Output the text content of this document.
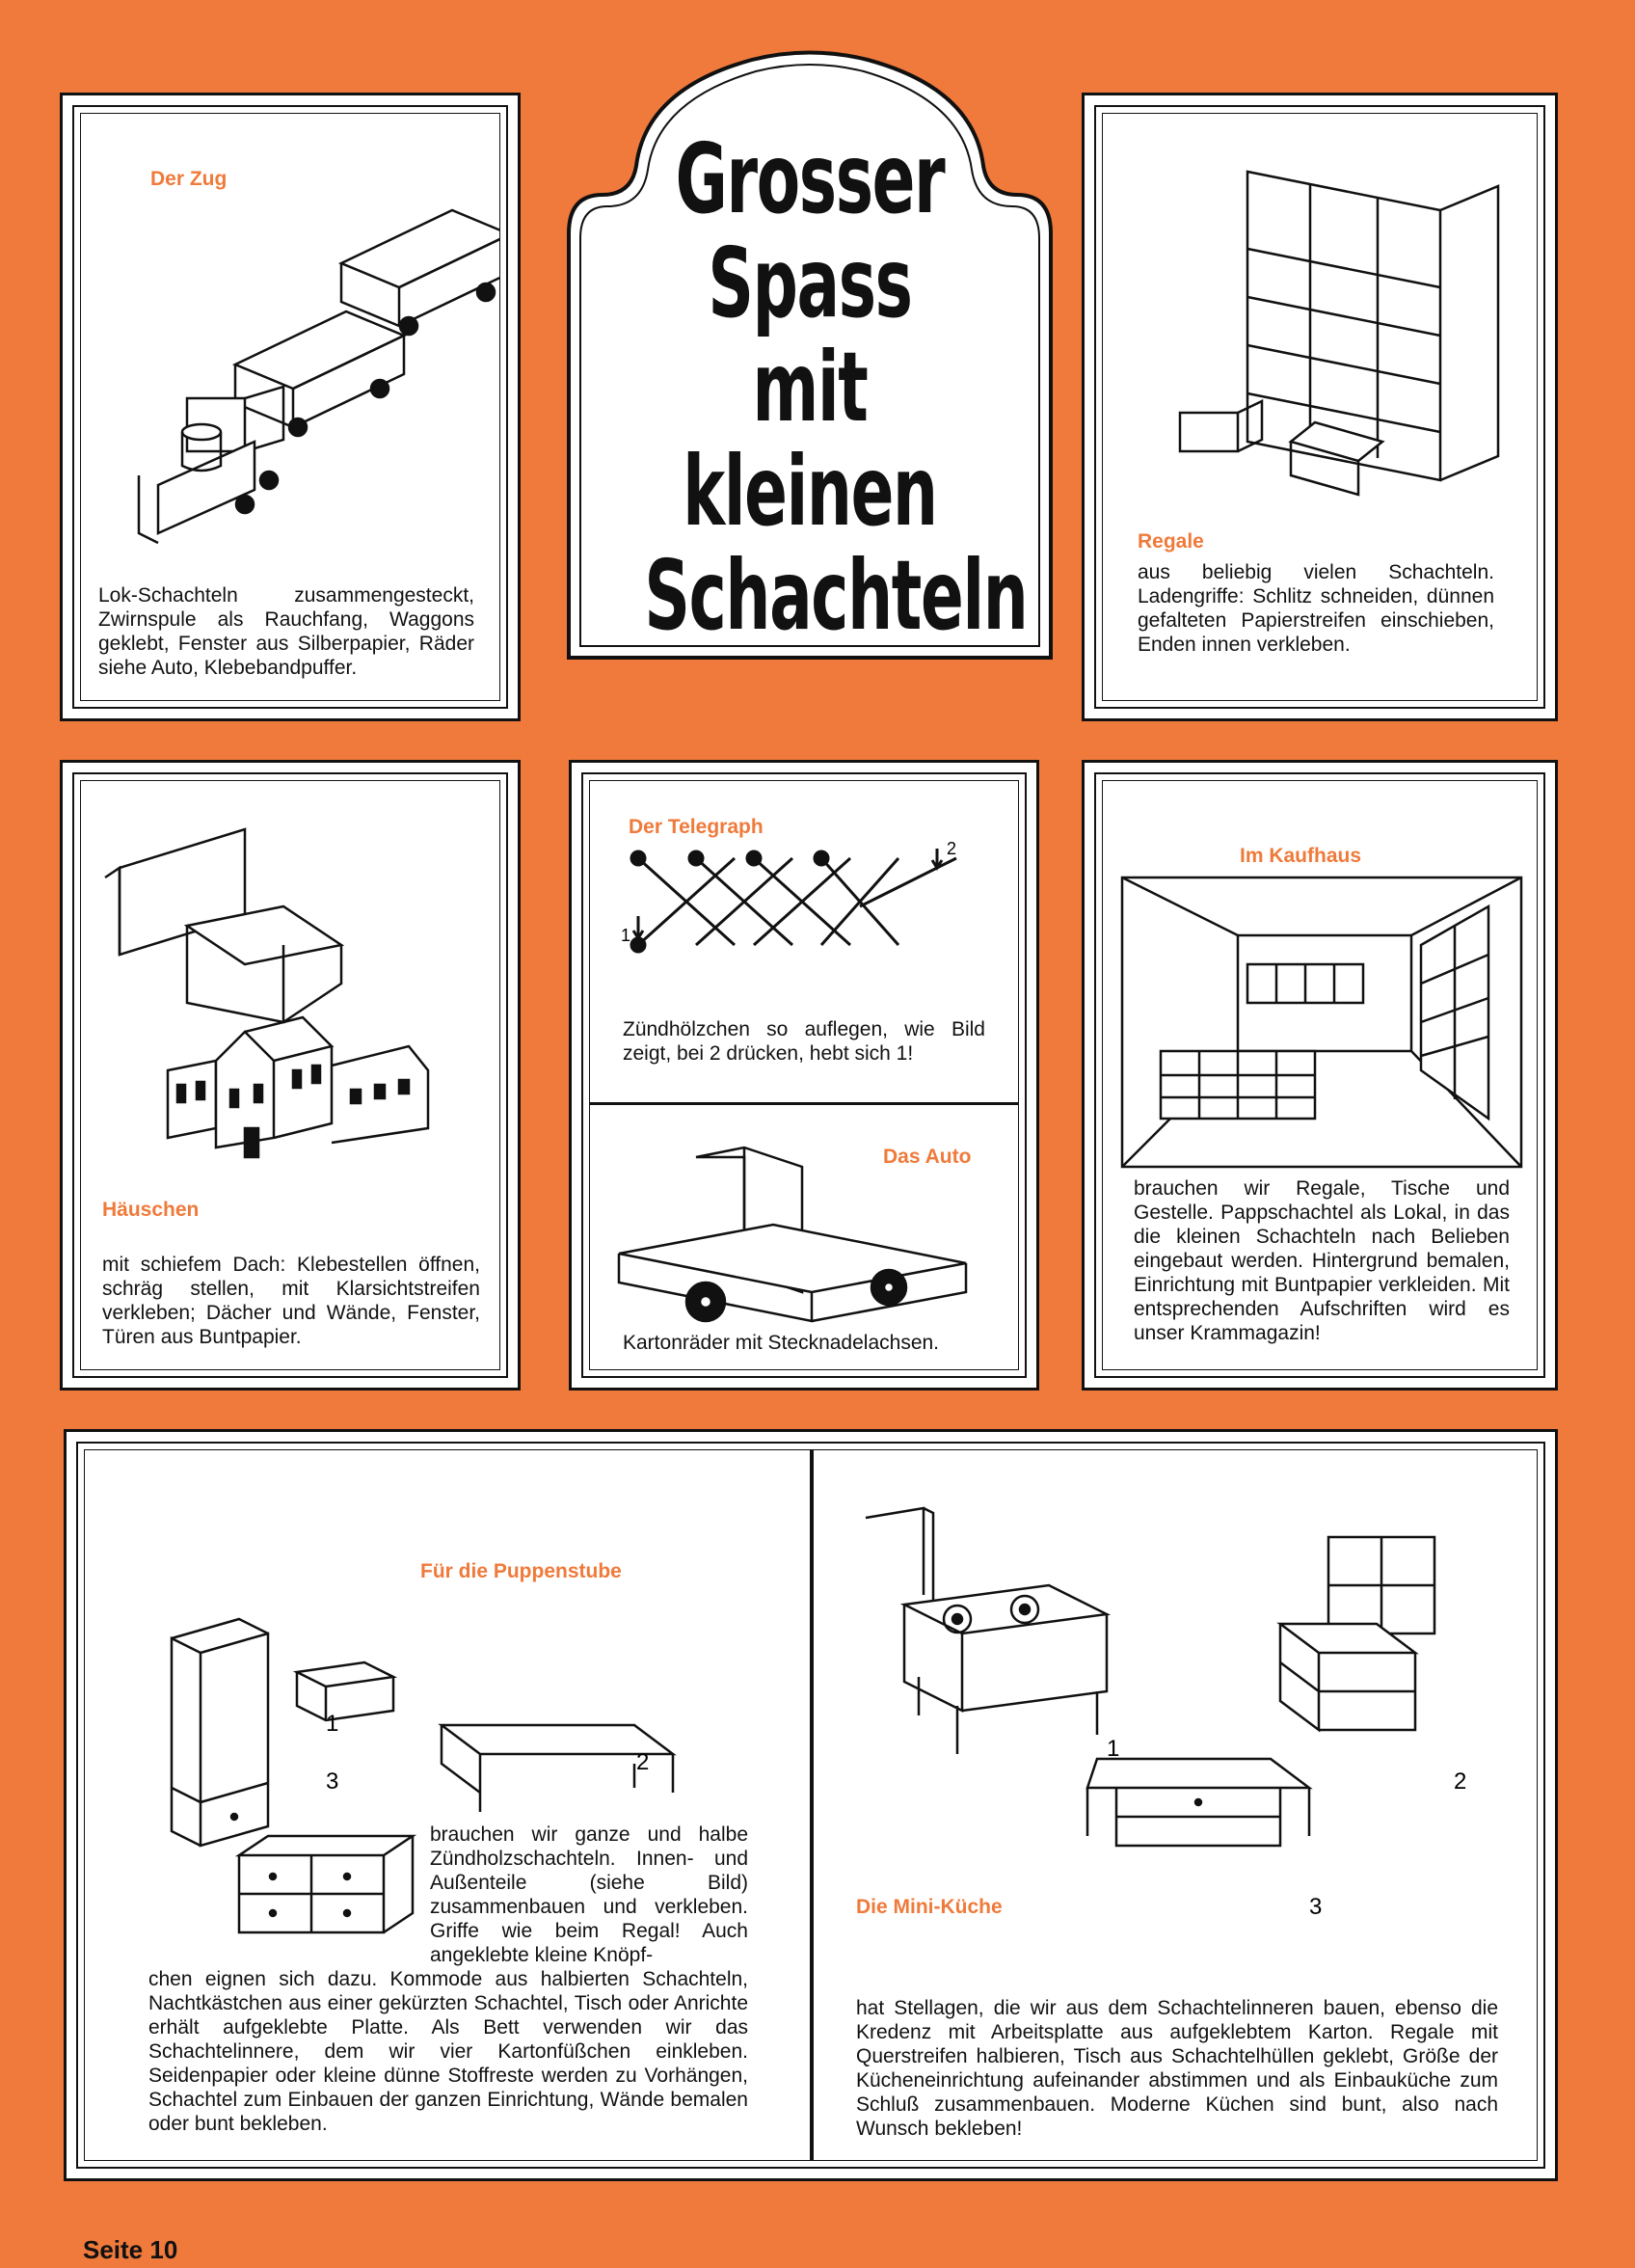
Grosser
Spass mit
kleinen
Schachteln
Der Zug
Lok-Schachteln zusammengesteckt, Zwirnspule als Rauchfang, Waggons geklebt, Fenster aus Silberpapier, Räder siehe Auto, Klebebandpuffer.
Regale
aus beliebig vielen Schachteln. Ladengriffe: Schlitz schneiden, dünnen gefalteten Papierstreifen einschieben, Enden innen verkleben.
Häuschen
mit schiefem Dach: Klebestellen öffnen, schräg stellen, mit Klarsichtstreifen verkleben; Dächer und Wände, Fenster, Türen aus Buntpapier.
Der Telegraph
1
2
Zündhölzchen so auflegen, wie Bild zeigt, bei 2 drücken, hebt sich 1!
Das Auto
Kartonräder mit Stecknadelachsen.
Im Kaufhaus
brauchen wir Regale, Tische und Gestelle. Pappschachtel als Lokal, in das die kleinen Schachteln nach Belieben eingebaut werden. Hintergrund bemalen, Einrichtung mit Buntpapier verkleiden. Mit entsprechenden Aufschriften wird es unser Krammagazin!
Für die Puppenstube
1
2
3
brauchen wir ganze und halbe Zündholzschachteln. Innen- und Außenteile (siehe Bild) zusammenbauen und verkleben. Griffe wie beim Regal! Auch angeklebte kleine Knöpf-
chen eignen sich dazu. Kommode aus halbierten Schachteln, Nachtkästchen aus einer gekürzten Schachtel, Tisch oder Anrichte erhält aufgeklebte Platte. Als Bett verwenden wir das Schachtelinnere, dem wir vier Kartonfüßchen einkleben. Seidenpapier oder kleine dünne Stoffreste werden zu Vorhängen, Schachtel zum Einbauen der ganzen Einrichtung, Wände bemalen oder bunt bekleben.
1
2
3
Die Mini-Küche
hat Stellagen, die wir aus dem Schachtelinneren bauen, ebenso die Kredenz mit Arbeitsplatte aus aufgeklebtem Karton. Regale mit Querstreifen halbieren, Tisch aus Schachtelhüllen geklebt, Größe der Kücheneinrichtung aufeinander abstimmen und als Einbauküche zum Schluß zusammenbauen. Moderne Küchen sind bunt, also nach Wunsch bekleben!
Seite 10
